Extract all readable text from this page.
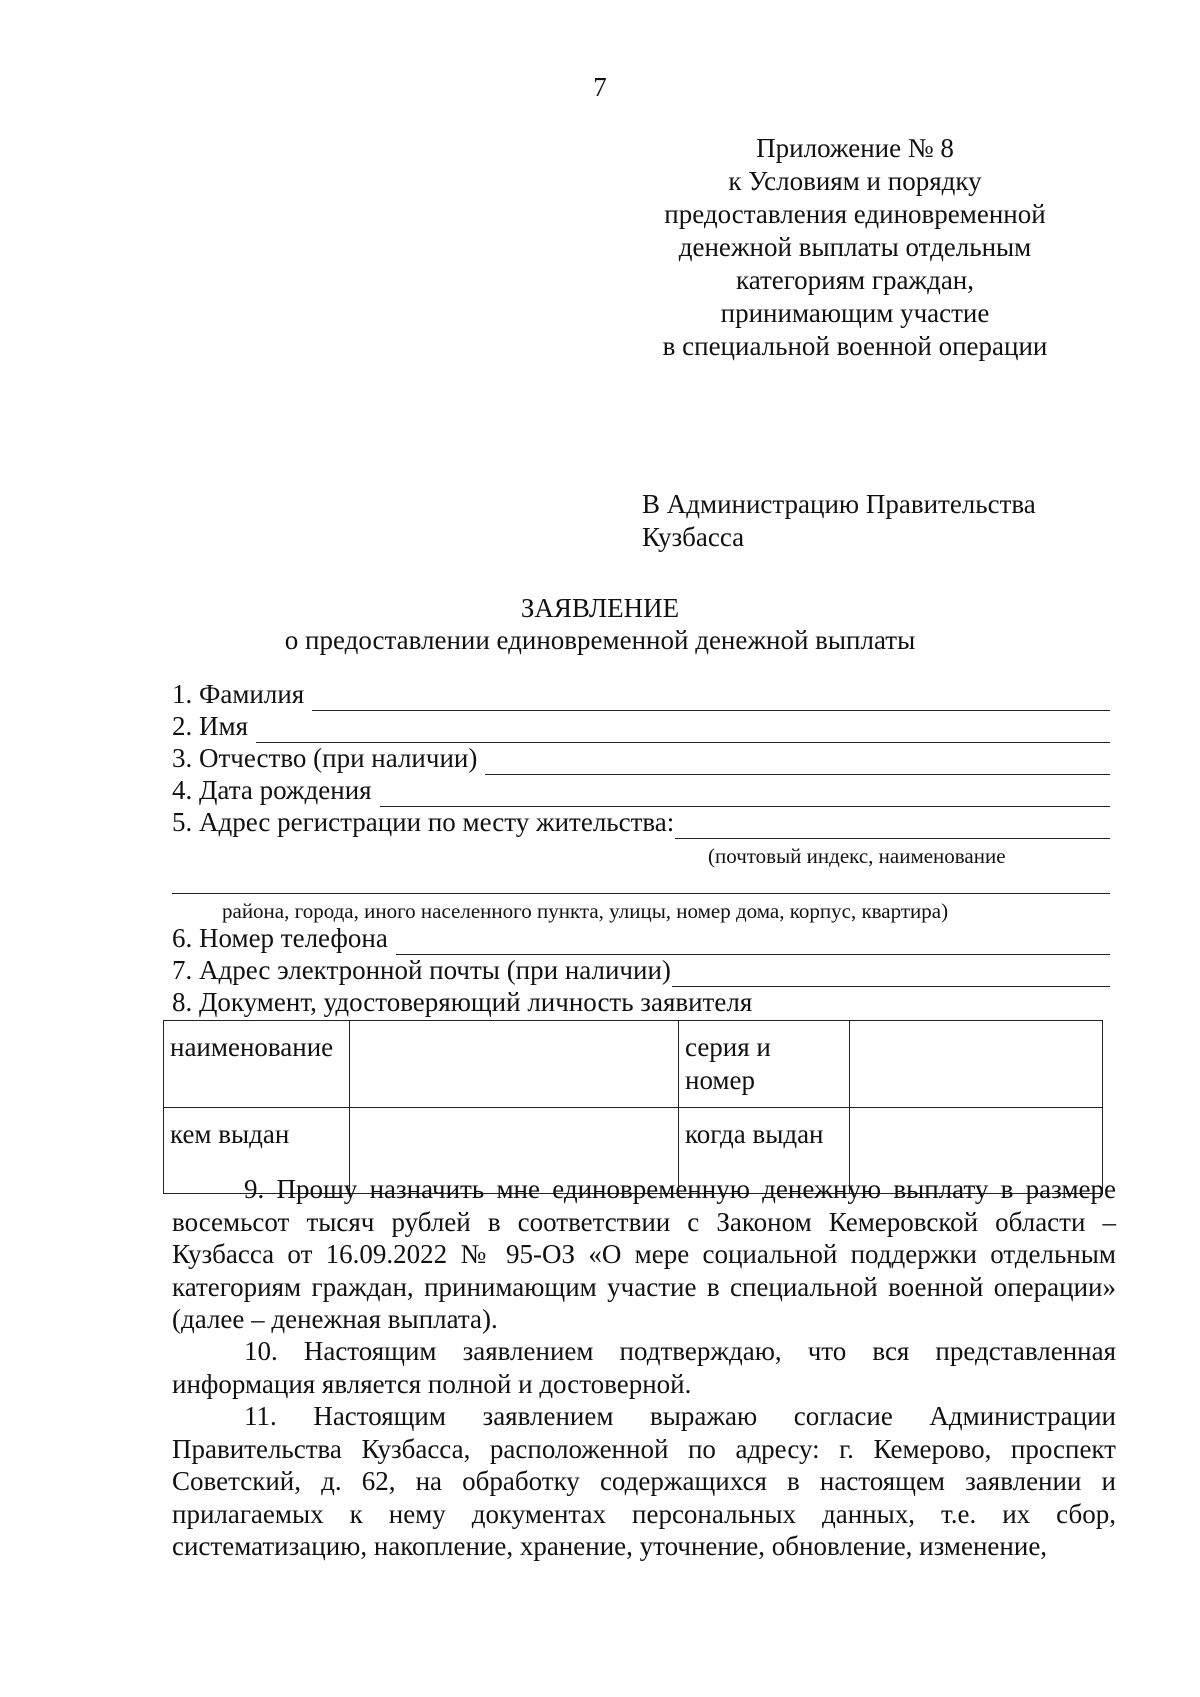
7
Приложение № 8
к Условиям и порядку
предоставления единовременной
денежной выплаты отдельным
категориям граждан,
принимающим участие
в специальной военной операции
В Администрацию Правительства
Кузбасса
ЗАЯВЛЕНИЕ
о предоставлении единовременной денежной выплаты
1. Фамилия
2. Имя
3. Отчество (при наличии)
4. Дата рождения
5. Адрес регистрации по месту жительства:
(почтовый индекс, наименование
района, города, иного населенного пункта, улицы, номер дома, корпус, квартира)
6. Номер телефона
7. Адрес электронной почты (при наличии)
8. Документ, удостоверяющий личность заявителя
наименование		серия и
номер	

кем выдан		когда выдан	

9. Прошу назначить мне единовременную денежную выплату в размере восемьсот тысяч рублей в соответствии с Законом Кемеровской области – Кузбасса от 16.09.2022 № 95-ОЗ «О мере социальной поддержки отдельным категориям граждан, принимающим участие в специальной военной операции» (далее – денежная выплата).

10. Настоящим заявлением подтверждаю, что вся представленная информация является полной и достоверной.

11. Настоящим заявлением выражаю согласие Администрации Правительства Кузбасса, расположенной по адресу: г. Кемерово, проспект Советский, д. 62, на обработку содержащихся в настоящем заявлении и прилагаемых к нему документах персональных данных, т.е. их сбор, систематизацию, накопление, хранение, уточнение, обновление, изменение,
